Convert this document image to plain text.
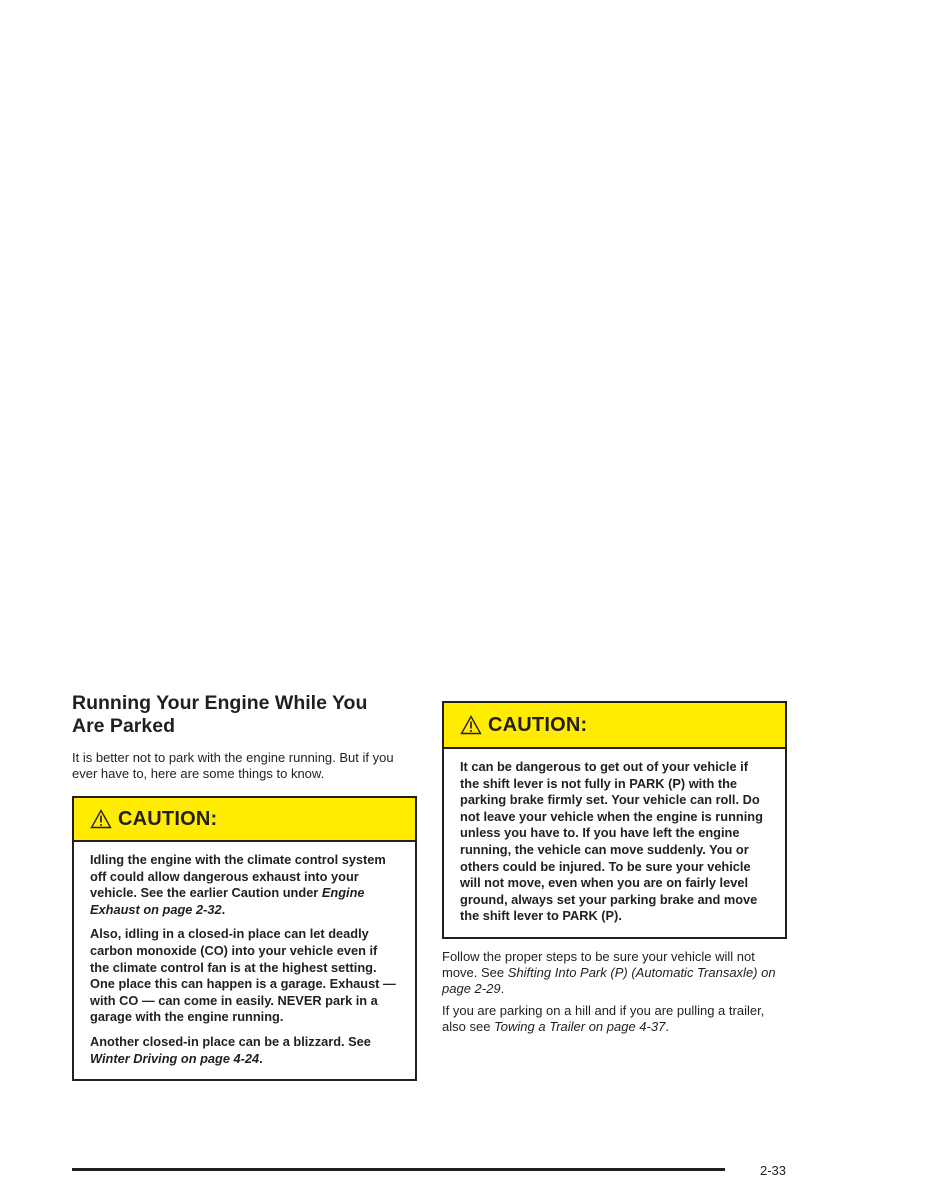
Running Your Engine While You
Are Parked

It is better not to park with the engine running. But if you ever have to, here are some things to know.

CAUTION:

Idling the engine with the climate control system off could allow dangerous exhaust into your vehicle. See the earlier Caution under Engine Exhaust on page 2-32.

Also, idling in a closed-in place can let deadly carbon monoxide (CO) into your vehicle even if the climate control fan is at the highest setting. One place this can happen is a garage. Exhaust — with CO — can come in easily. NEVER park in a garage with the engine running.

Another closed-in place can be a blizzard. See Winter Driving on page 4-24.

CAUTION:

It can be dangerous to get out of your vehicle if the shift lever is not fully in PARK (P) with the parking brake firmly set. Your vehicle can roll. Do not leave your vehicle when the engine is running unless you have to. If you have left the engine running, the vehicle can move suddenly. You or others could be injured. To be sure your vehicle will not move, even when you are on fairly level ground, always set your parking brake and move the shift lever to PARK (P).

Follow the proper steps to be sure your vehicle will not move. See Shifting Into Park (P) (Automatic Transaxle) on page 2-29.

If you are parking on a hill and if you are pulling a trailer, also see Towing a Trailer on page 4-37.

2-33
